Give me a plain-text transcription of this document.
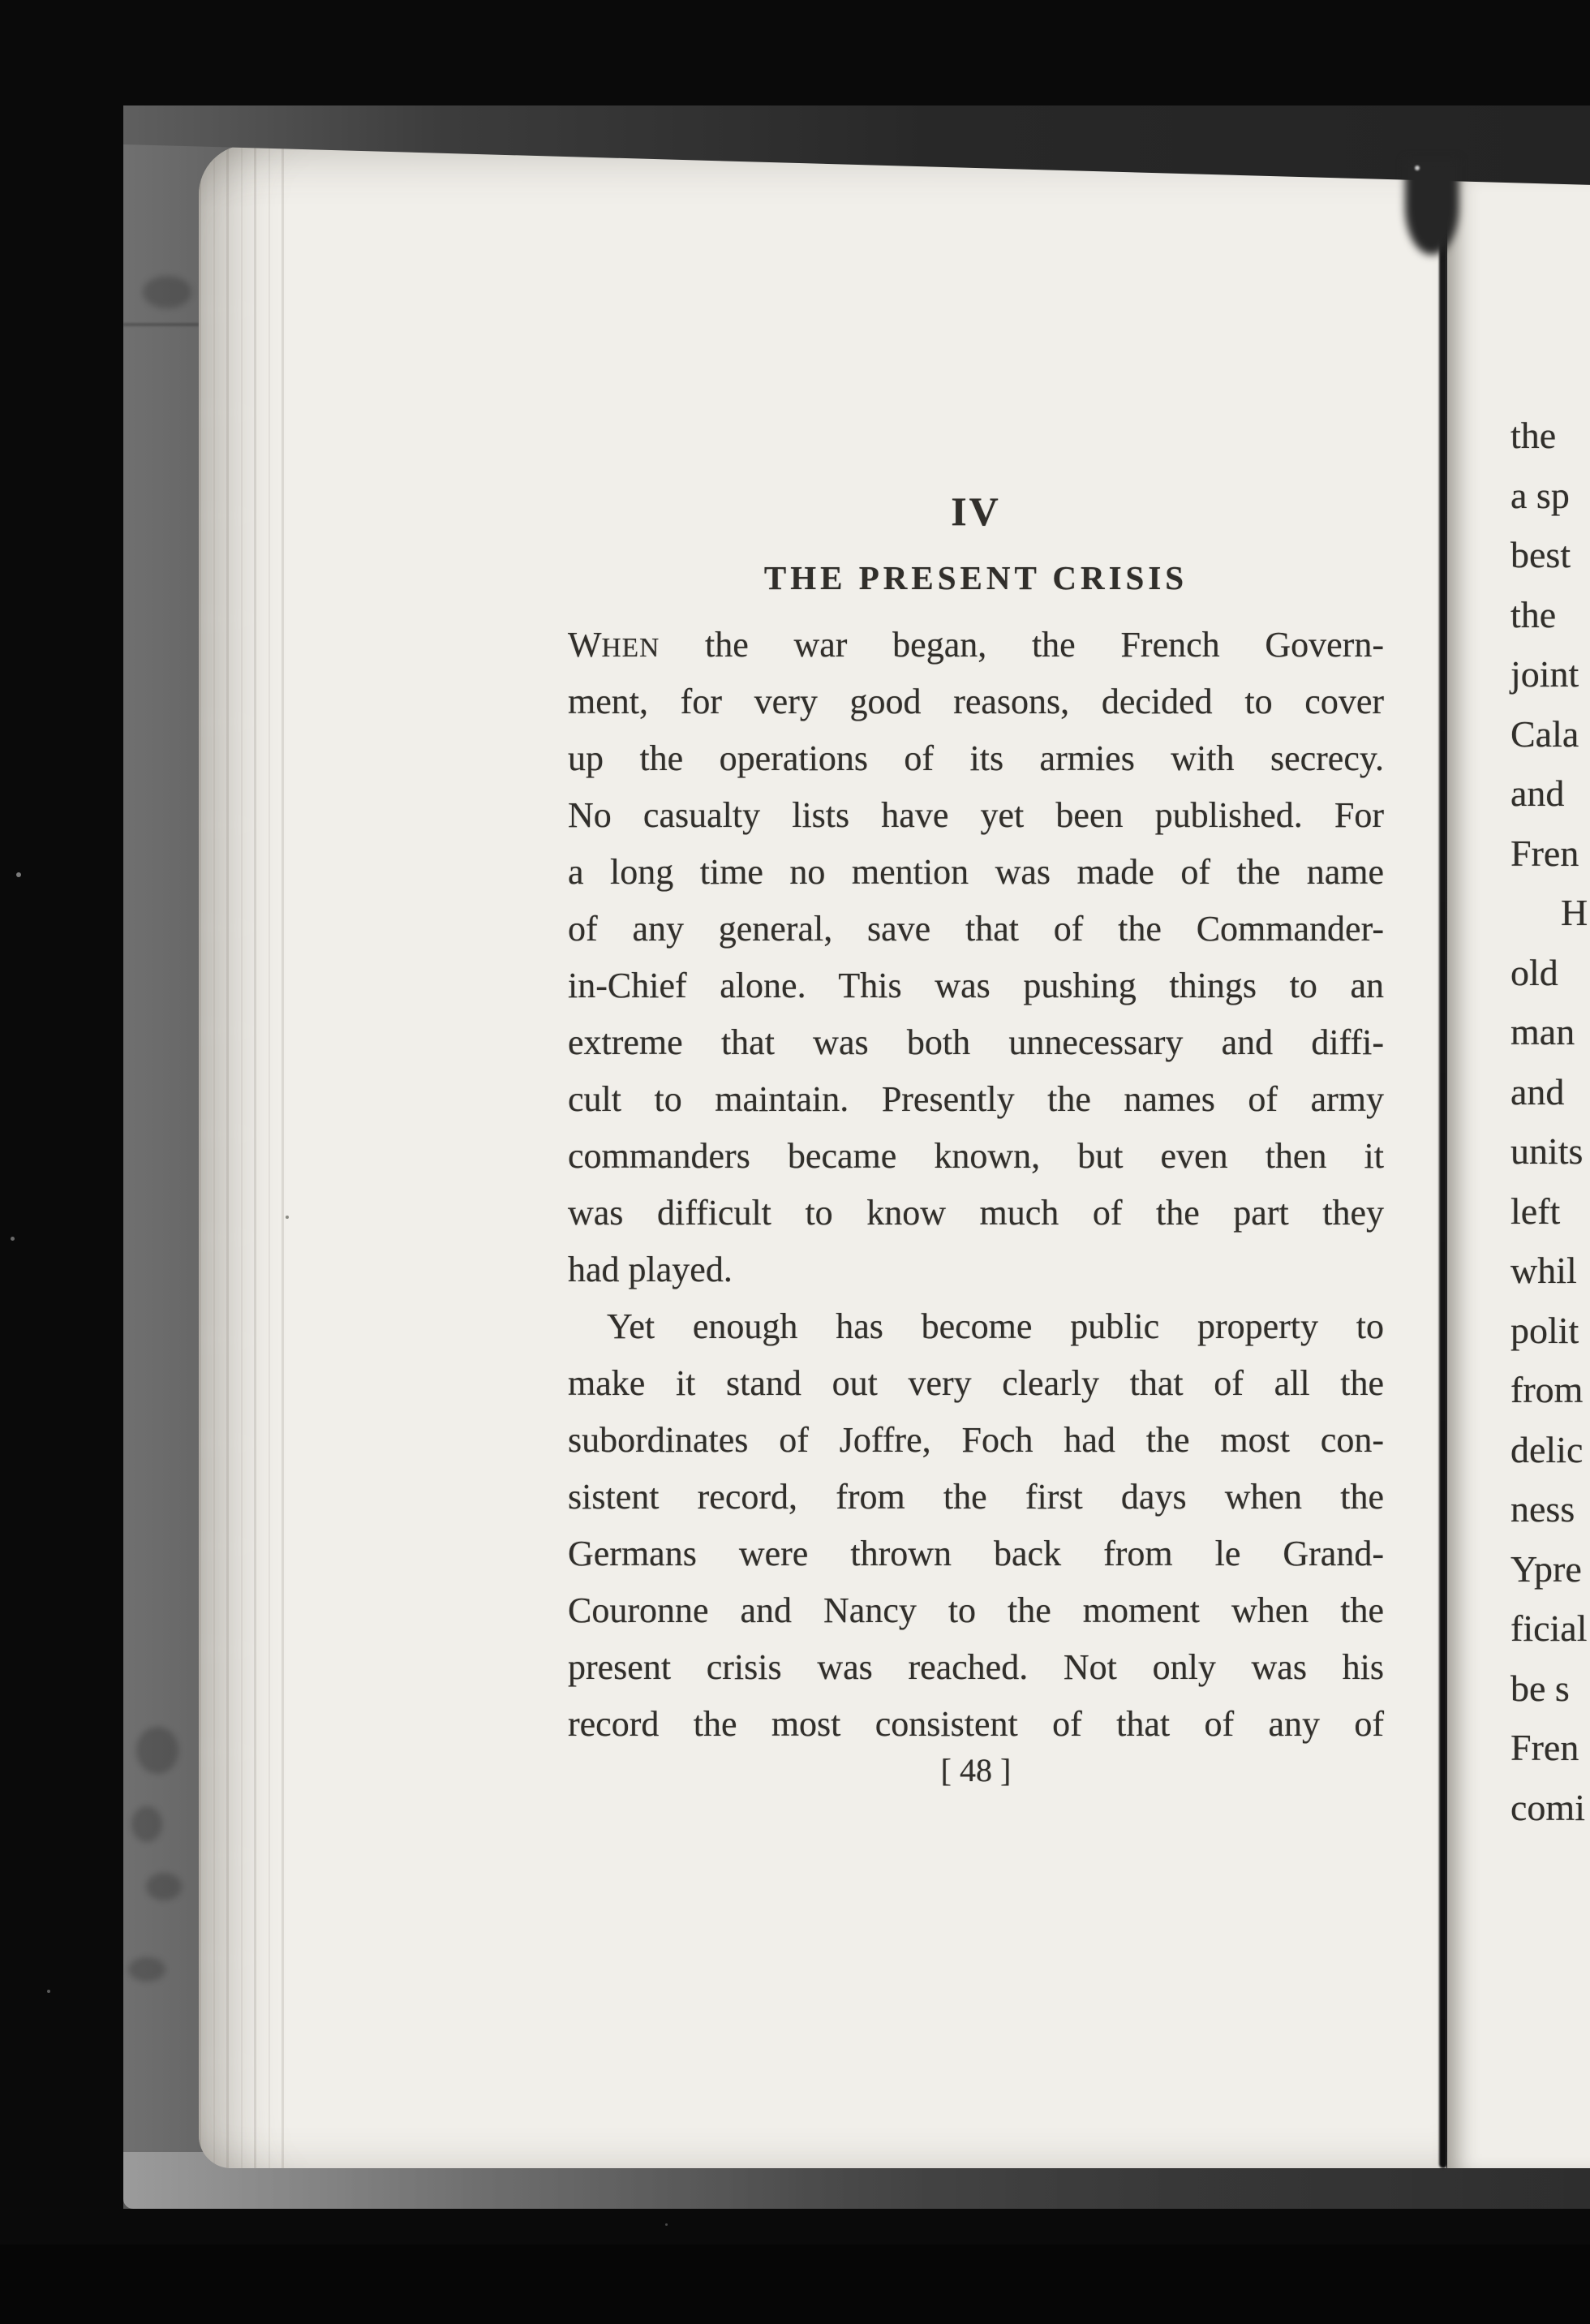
IV
THE PRESENT CRISIS
WHEN the war began, the French Govern-
ment, for very good reasons, decided to cover
up the operations of its armies with secrecy.
No casualty lists have yet been published. For
a long time no mention was made of the name
of any general, save that of the Commander-
in-Chief alone. This was pushing things to an
extreme that was both unnecessary and diffi-
cult to maintain. Presently the names of army
commanders became known, but even then it
was difficult to know much of the part they
had played.
Yet enough has become public property to
make it stand out very clearly that of all the
subordinates of Joffre, Foch had the most con-
sistent record, from the first days when the
Germans were thrown back from le Grand-
Couronne and Nancy to the moment when the
present crisis was reached. Not only was his
record the most consistent of that of any of
[ 48 ]
the
a sp
best
the
joint
Cala
and
Fren
H
old
man
and
units
left
whil
polit
from
delic
ness
Ypre
ficial
be s
Fren
comi
